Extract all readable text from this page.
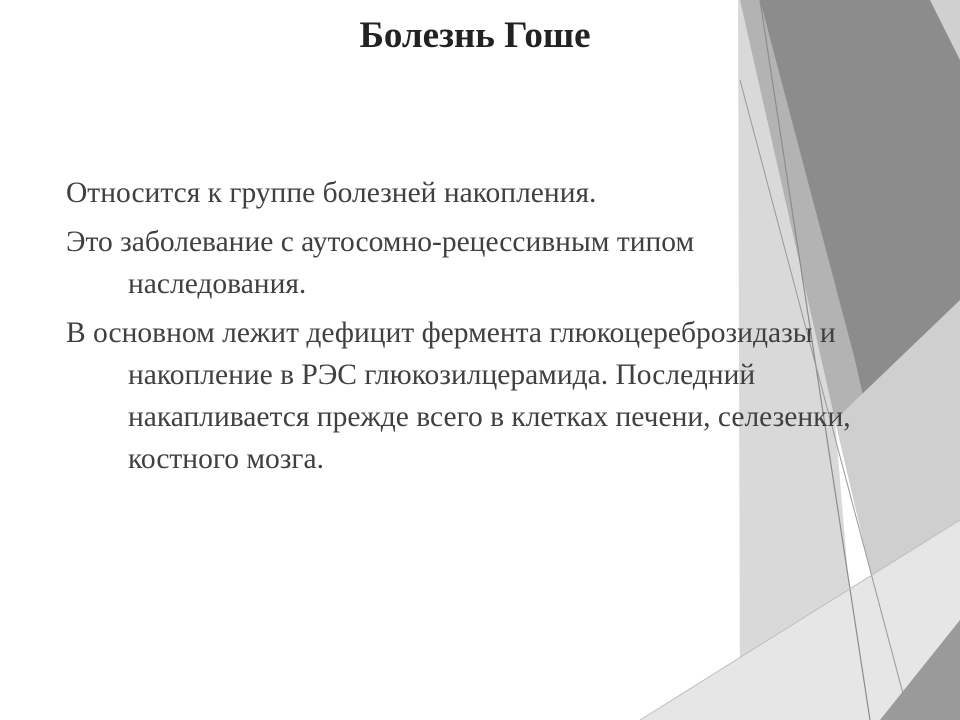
Болезнь Гоше

Относится к группе болезней накопления.

Это заболевание с аутосомно-рецессивным типом наследования.

В основном лежит дефицит фермента глюкоцереброзидазы и накопление в РЭС глюкозилцерамида. Последний накапливается прежде всего в клетках печени, селезенки, костного мозга.
